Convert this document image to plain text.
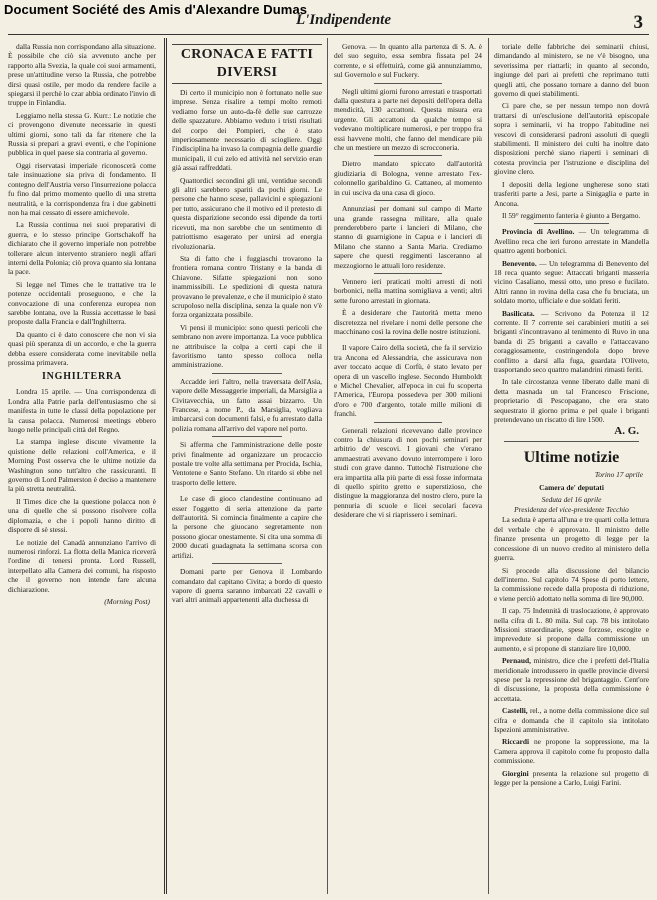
Document Société des Amis d'Alexandre Dumas
L'Indipendente	3

dalla Russia non corrispondano alla situazione. È possibile che ciò sia avvenuto anche per rapporto alla Svezia, la quale coi suoi armamenti, prese un'attitudine verso la Russia, che potrebbe dirsi quasi ostile, per modo da rendere facile a spiegarsi il perchè lo czar abbia ordinato l'invio di truppe in Finlandia.

Leggiamo nella stessa G. Kurr.: Le notizie che ci provengono divenute necessarie in questi ultimi giorni, sono tali da far ritenere che la Russia si prepari a gravi eventi, e che l'opinione pubblica in quel paese sia contraria al governo.

Oggi riservatasi imperiale riconoscerà come tale insinuazione sia priva di fondamento. Il contegno dell'Austria verso l'insurrezione polacca fu fino dal primo momento quello di una stretta neutralità, e la corrispondenza fra i due gabinetti non ha mai cessato di essere amichevole.

La Russia continua nei suoi preparativi di guerra, e lo stesso principe Gortschakoff ha dichiarato che il governo imperiale non potrebbe tollerare alcun intervento straniero negli affari interni della Polonia; ciò prova quanto sia lontana la pace.

Si legge nel Times che le trattative tra le potenze occidentali proseguono, e che la convocazione di una conferenza europea non sarebbe lontana, ove la Russia accettasse le basi proposte dalla Francia e dall'Inghilterra.

Da quanto ci è dato conoscere che non vi sia quasi più speranza di un accordo, e che la guerra debba essere considerata come inevitabile nella prossima primavera.

INGHILTERRA

Londra 15 aprile. — Una corrispondenza di Londra alla Patrie parla dell'entusiasmo che si manifesta in tutte le classi della popolazione per la causa polacca. Numerosi meetings ebbero luogo nelle principali città del Regno.

La stampa inglese discute vivamente la quistione delle relazioni coll'America, e il Morning Post osserva che le ultime notizie da Washington sono tutt'altro che rassicuranti. Il governo di Lord Palmerston è deciso a mantenere la più stretta neutralità.

Il Times dice che la questione polacca non è una di quelle che si possono risolvere colla diplomazia, e che i popoli hanno diritto di disporre di sè stessi.

Le notizie del Canadà annunziano l'arrivo di numerosi rinforzi. La flotta della Manica riceverà l'ordine di tenersi pronta. Lord Russell, interpellato alla Camera dei comuni, ha risposto che il governo non intende fare alcuna dichiarazione.

(Morning Post)
CRONACA E FATTI DIVERSI

Di certo il municipio non è fortunato nelle sue imprese. Senza risalire a tempi molto remoti vediamo forse un auto-da-fè delle sue carrozze delle spazzature. Abbiamo veduto i tristi risultati del corpo dei Pompieri, che è stato imperiosamente necessario di sciogliere. Oggi l'indisciplina ha invaso la compagnia delle guardie municipali, il cui zelo ed attività nel servizio eran già assai raffreddati.

Quattordici secondini gli uni, ventidue secondi gli altri sarebbero spariti da pochi giorni. Le persone che hanno scese, pallavicini e spiegazioni per tutto, assicurano che il motivo ed il pretesto di questa disparizione secondo essi dipende da torti ricevuti, ma non sarebbe che un sentimento di patriottismo esagerato per unirsi ad energia rivoluzionaria.

Sta di fatto che i fuggiaschi trovarono la frontiera romana contro Tristany e la banda di Chiavone. Sifatte spiegazioni non sono inammissibili. Le spedizioni di questa natura provavano le prevalenze, e che il municipio è stato scrupoloso nella disciplina, senza la quale non v'è forza organizzata possibile.

Vi pensi il municipio: sono questi pericoli che sembrano non avere importanza. La voce pubblica ne attribuisce la colpa a certi capi che il favoritismo tanto spesso colloca nella amministrazione.

Accadde ieri l'altro, nella traversata dell'Asia, vapore delle Messaggerie imperiali, da Marsiglia a Civitavecchia, un fatto assai bizzarro. Un Francese, a nome P., da Marsiglia, vogliava imbarcarsi con documenti falsi, e fu arrestato dalla polizia romana all'arrivo del vapore nel porto.

Si afferma che l'amministrazione delle poste privi finalmente ad organizzare un procaccio postale tre volte alla settimana per Procida, Ischia, Ventotene e Santo Stefano. Un ritardo si ebbe nel trasporto delle lettere.

Le case di gioco clandestine continuano ad esser l'oggetto di seria attenzione da parte dell'autorità. Si comincia finalmente a capire che la persone che giuocano segretamente non possono giocar onestamente. Si cita una somma di 2000 ducati guadagnata la settimana scorsa con artifizi.

Domani parte per Genova il Lombardo comandato dal capitano Civita; a bordo di questo vapore di guerra saranno imbarcati 22 cavalli e vari altri animali appartenenti alla duchessa di

Genova. — In quanto alla partenza di S. A. è del suo seguito, essa sembra fissata pel 24 corrente, e si effettuirà, come già annunziammo, sul Governolo e sul Fuckery.

Negli ultimi giorni furono arrestati e trasportati dalla questura a parte nei depositi dell'opera della mendicità, 130 accattoni. Questa misura era urgente. Gli accattoni da qualche tempo si vedevano moltiplicare numerosi, e per troppo fra essi havvene molti, che fanno del mendicare più che un mestiere un mezzo di scrocconeria.

Dietro mandato spiccato dall'autorità giudiziaria di Bologna, venne arrestato l'ex-colonnello garibaldino G. Cattaneo, al momento in cui usciva da una casa di gioco.

Annunziasi per domani sul campo di Marte una grande rassegna militare, alla quale prenderebbero parte i lancieri di Milano, che stanno di guarnigione in Capua e i lancieri di Milano che stanno a Santa Maria. Crediamo sapere che questi reggimenti lasceranno al mezzogiorno le attuali loro residenze.

Vennero ieri praticati molti arresti di noti borbonici, nella mattina somigliava a venti; altri sette furono arrestati in giornata.

È a desiderare che l'autorità metta meno discretezza nel rivelare i nomi delle persone che macchinano così la rovina delle nostre istituzioni.

Il vapore Cairo della società, che fa il servizio tra Ancona ed Alessandria, che assicurava non aver toccato acque di Corfù, è stato levato per opera di un vascello inglese. Secondo Humboldt e Michel Chevalier, all'epoca in cui fu scoperta l'America, l'Europa possedeva per 300 milioni d'oro e 700 d'argento, totale mille milioni di franchi.

Generali relazioni ricevevano dalle province contro la chiusura di non pochi seminari per arbitrio de' vescovi. I giovani che v'erano ammaestrati avevano dovuto interrompere i loro studi con grave danno. Tuttochè l'istruzione che era impartita alla più parte di essi fosse informata di quello spirito gretto e superstizioso, che distingue la maggioranza del nostro clero, pure la pennuria di scuole e licei secolari faceva desiderare che vi si riaprissero i seminari.

toriale delle fabbriche dei seminarii chiusi, dimandando al ministero, se ne v'è bisogno, una severissima per riattarli; in quanto al secondo, ingiunge del pari ai prefetti che reprimano tutti quegli atti, che possano tornare a danno del buon governo di quei stabilimenti.

Ci pare che, se per nessun tempo non dovrà trattarsi di un'esclusione dell'autorità episcopale sopra i seminarii, vi ha troppo l'abitudine nei vescovi di considerarsi padroni assoluti di quegli stabilimenti. Il ministero dei culti ha inoltre dato disposizioni perchè siano riaperti i seminari di cotesta provincia per l'istruzione e disciplina del giovine clero.

I depositi della legione ungherese sono stati trasferiti parte a Jesi, parte a Sinigaglia e parte in Ancona.

Il 59° reggimento fanteria è giunto a Bergamo.

Provincia di Avellino. — Un telegramma di Avellino reca che ieri furono arrestate in Mandella quattro agenti borbonici.

Benevento. — Un telegramma di Benevento del 18 reca quanto segue: Attaccati briganti masseria vicino Casaliano, messi otto, uno preso e fucilato. Altri ranno in rovina della casa che fu bruciata, un soldato morto, ufficiale e due soldati feriti.

Basilicata. — Scrivono da Potenza il 12 corrente. Il 7 corrente sei carabinieri mutiti a sei briganti s'incontravano al tenimento di Ruvo in una banda di 25 briganti a cavallo e l'attaccavano coraggiosamente, costringendola dopo breve conflitto a darsi alla fuga, guardata l'Oliveto, trasportando seco quattro malandrini rimasti feriti.

In tale circostanza venne liberato dalle mani di detta masnada un tal Francesco Friscione, proprietario di Pescopagano, che era stato sequestrato il giorno prima e pel quale i briganti pretendevano un riscatto di lire 1500.

A. G.
Ultime notizie
Torino 17 aprile
Camera de' deputati
Seduta del 16 aprile
Presidenza del vice-presidente Tecchio

La seduta è aperta all'una e tre quarti colla lettura del verbale che è approvato. Il ministro delle finanze presenta un progetto di legge per la concessione di un nuovo credito al ministero della guerra.

Si procede alla discussione del bilancio dell'interno. Sul capitolo 74 Spese di porto lettere, la commissione recede dalla proposta di riduzione, e viene perciò adottato nella somma di lire 90,000.

Il cap. 75 Indennità di traslocazione, è approvato nella cifra di L. 80 mila. Sul cap. 78 bis intitolato Missioni straordinarie, spese forzose, escogite e imprevedute si propone dalla commissione un aumento, e si propone di stanziare lire 10,000.

Pernaud, ministro, dice che i prefetti del-l'Italia meridionale introdussero in quelle provincie diversi spese per la repressione del brigantaggio. Cent'ore di discussione, la proposta della commissione è accettata.

Castelli, rel., a nome della commissione dice sul cifra e domanda che il capitolo sia intitolato Ispezioni amministrative.

Riccardi ne propone la soppressione, ma la Camera approva il capitolo come fu proposto dalla commissione.

Giorgini presenta la relazione sul progetto di legge per la pensione a Carlo, Luigi Farini.
